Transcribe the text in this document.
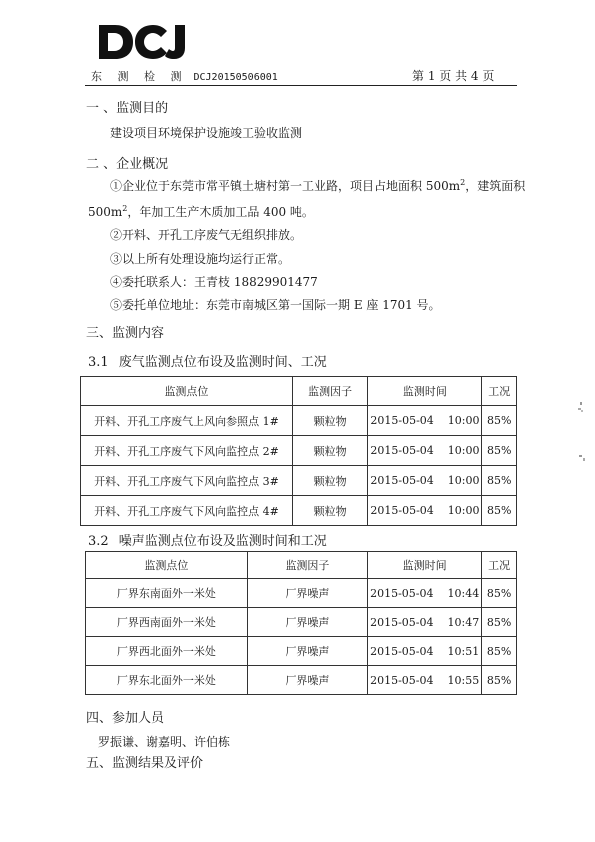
东 测 检 测 DCJ20150506001	第 1 页 共 4 页
一 、监测目的
建设项目环境保护设施竣工验收监测
二 、企业概况
①企业位于东莞市常平镇土塘村第一工业路，项目占地面积 $500m^2$，建筑面积
$500m^2$，年加工生产木质加工品 400 吨。
②开料、开孔工序废气无组织排放。
③以上所有处理设施均运行正常。
④委托联系人：王青枝 18829901477
⑤委托单位地址：东莞市南城区第一国际一期 E 座 1701 号。
三、监测内容
3.1 废气监测点位布设及监测时间、工况
监测点位	监测因子	监测时间	工况
开料、开孔工序废气上风向参照点 1#	颗粒物	2015-05-04    10:00	85%
开料、开孔工序废气下风向监控点 2#	颗粒物	2015-05-04    10:00	85%
开料、开孔工序废气下风向监控点 3#	颗粒物	2015-05-04    10:00	85%
开料、开孔工序废气下风向监控点 4#	颗粒物	2015-05-04    10:00	85%
3.2 噪声监测点位布设及监测时间和工况
监测点位	监测因子	监测时间	工况
厂界东南面外一米处	厂界噪声	2015-05-04    10:44	85%
厂界西南面外一米处	厂界噪声	2015-05-04    10:47	85%
厂界西北面外一米处	厂界噪声	2015-05-04    10:51	85%
厂界东北面外一米处	厂界噪声	2015-05-04    10:55	85%
四、参加人员
罗振谦、谢嘉明、许伯栋
五、监测结果及评价
